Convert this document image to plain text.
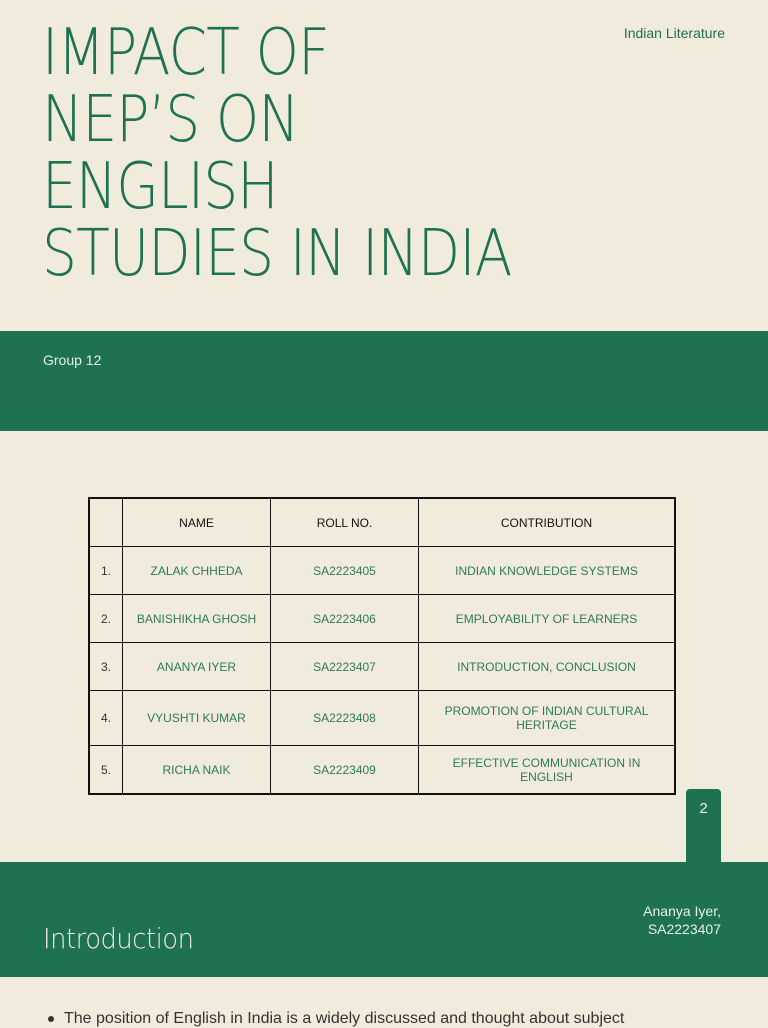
IMPACT OF
NEP’S ON
ENGLISH
STUDIES IN INDIA
Indian Literature
Group 12
	NAME	ROLL NO.	CONTRIBUTION
1.	ZALAK CHHEDA	SA2223405	INDIAN KNOWLEDGE SYSTEMS
2.	BANISHIKHA GHOSH	SA2223406	EMPLOYABILITY OF LEARNERS
3.	ANANYA IYER	SA2223407	INTRODUCTION, CONCLUSION
4.	VYUSHTI KUMAR	SA2223408	PROMOTION OF INDIAN CULTURAL HERITAGE
5.	RICHA NAIK	SA2223409	EFFECTIVE COMMUNICATION IN ENGLISH
2
Introduction
Ananya Iyer,
SA2223407
The position of English in India is a widely discussed and thought about subject
